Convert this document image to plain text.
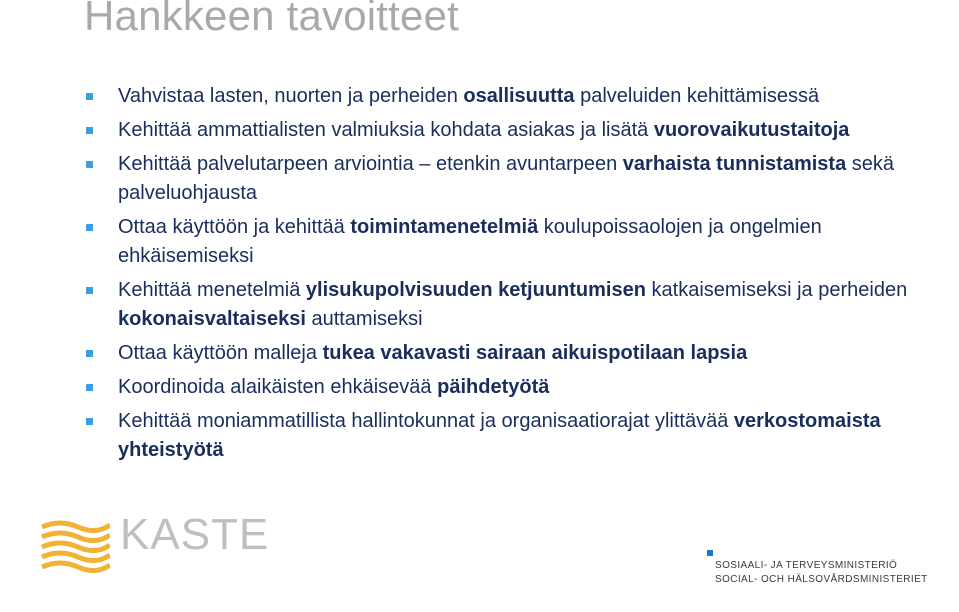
Hankkeen tavoitteet
Vahvistaa lasten, nuorten ja perheiden osallisuutta palveluiden kehittämisessä
Kehittää ammattialisten valmiuksia kohdata asiakas ja lisätä vuorovaikutustaitoja
Kehittää palvelutarpeen arviointia – etenkin avuntarpeen varhaista tunnistamista sekä palveluohjausta
Ottaa käyttöön ja kehittää toimintamenetelmiä koulupoissaolojen ja ongelmien ehkäisemiseksi
Kehittää menetelmiä ylisukupolvisuuden ketjuuntumisen katkaisemiseksi ja perheiden kokonaisvaltaiseksi auttamiseksi
Ottaa käyttöön malleja tukea vakavasti sairaan aikuispotilaan lapsia
Koordinoida alaikäisten ehkäisevää päihdetyötä
Kehittää moniammatillista hallintokunnat ja organisaatiorajat ylittävää verkostomaista yhteistyötä
KASTE
SOSIAALI- JA TERVEYSMINISTERIÖ
SOCIAL- OCH HÄLSOVÅRDSMINISTERIET
